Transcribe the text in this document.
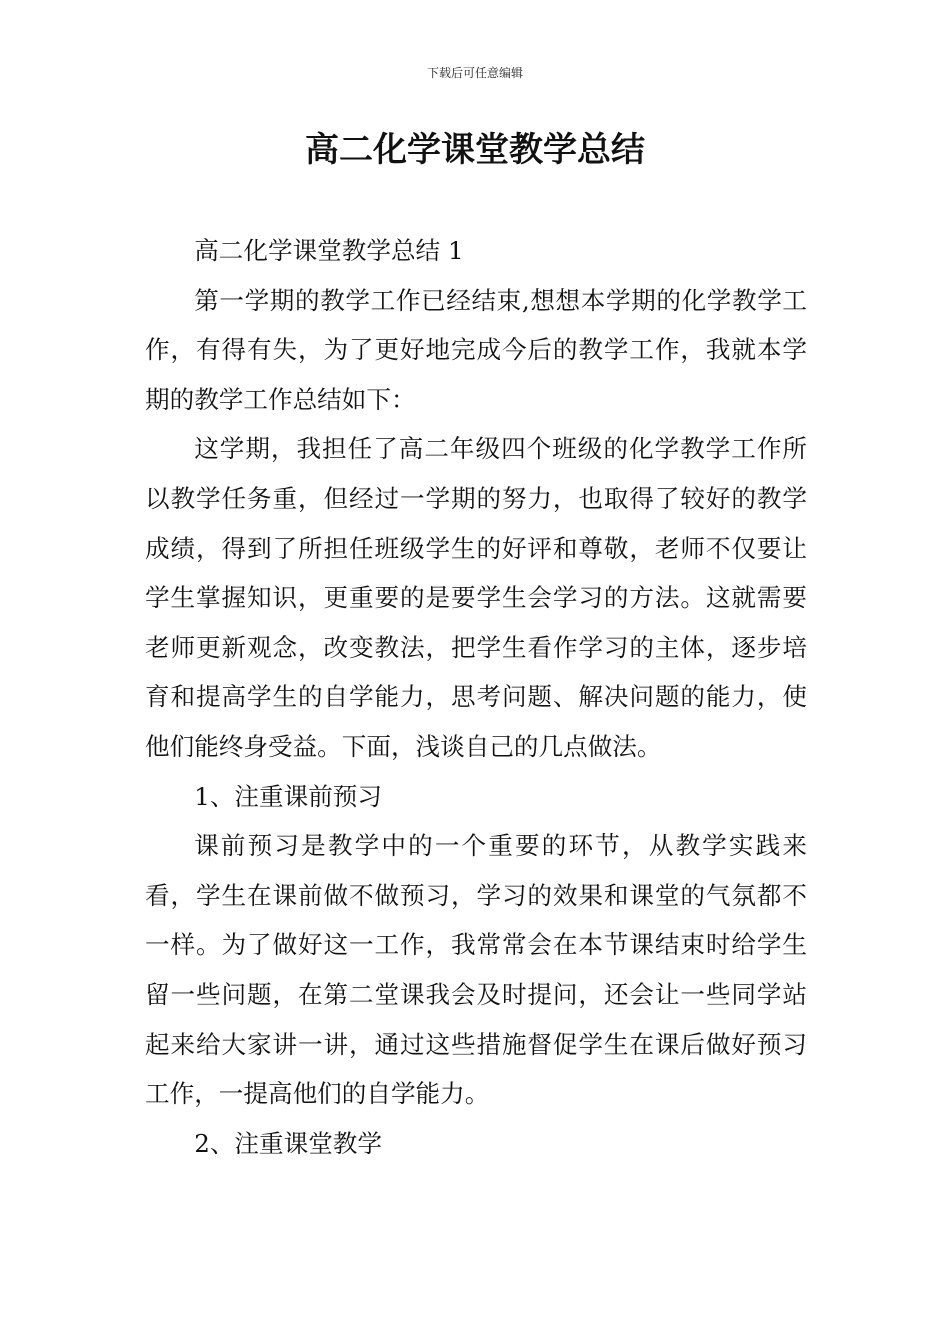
下载后可任意编辑
高二化学课堂教学总结

高二化学课堂教学总结 1

第一学期的教学工作已经结束,想想本学期的化学教学工作，有得有失，为了更好地完成今后的教学工作，我就本学期的教学工作总结如下：

这学期，我担任了高二年级四个班级的化学教学工作所以教学任务重，但经过一学期的努力，也取得了较好的教学成绩，得到了所担任班级学生的好评和尊敬，老师不仅要让学生掌握知识，更重要的是要学生会学习的方法。这就需要老师更新观念，改变教法，把学生看作学习的主体，逐步培育和提高学生的自学能力，思考问题、解决问题的能力，使他们能终身受益。下面，浅谈自己的几点做法。

1、注重课前预习

课前预习是教学中的一个重要的环节，从教学实践来看，学生在课前做不做预习，学习的效果和课堂的气氛都不一样。为了做好这一工作，我常常会在本节课结束时给学生留一些问题，在第二堂课我会及时提问，还会让一些同学站起来给大家讲一讲，通过这些措施督促学生在课后做好预习工作，一提高他们的自学能力。

2、注重课堂教学
